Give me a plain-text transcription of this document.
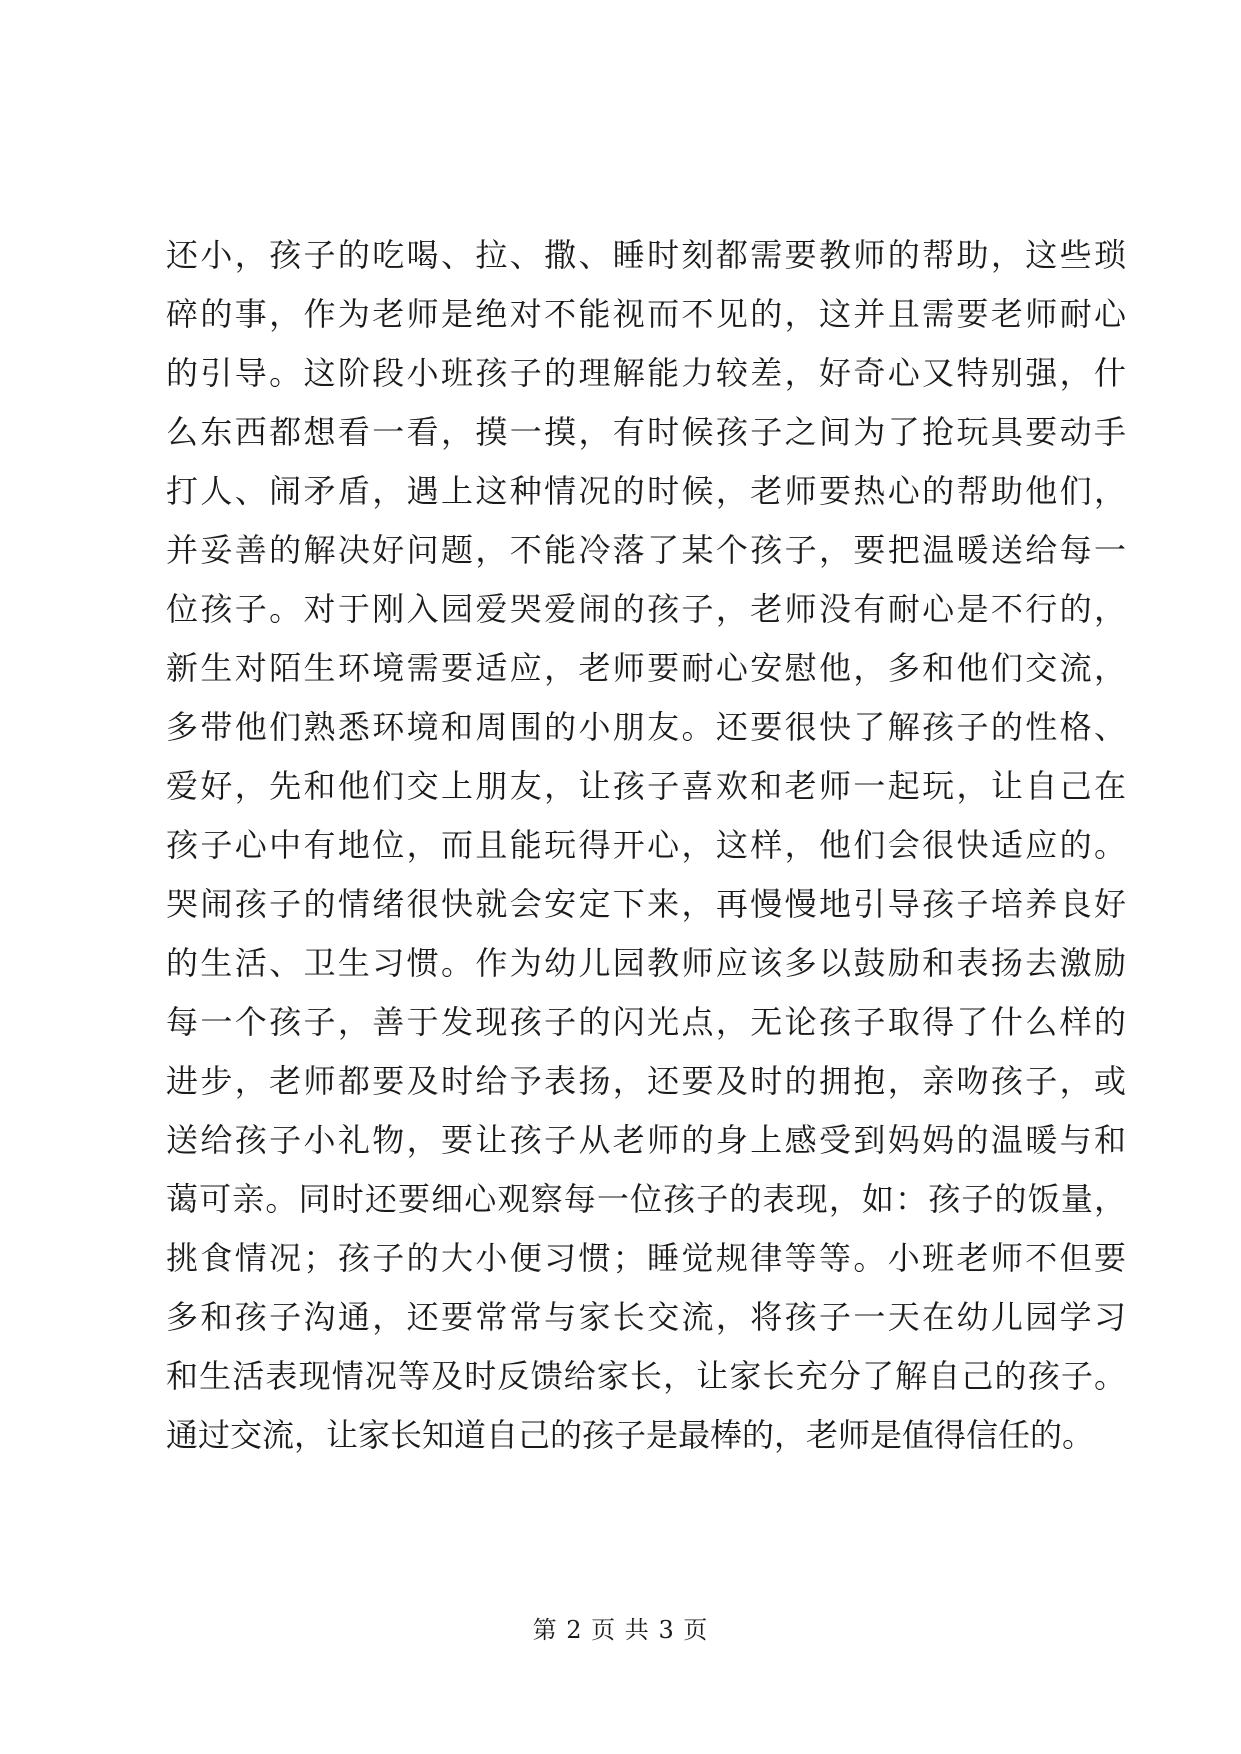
还小，孩子的吃喝、拉、撒、睡时刻都需要教师的帮助，这些琐
碎的事，作为老师是绝对不能视而不见的，这并且需要老师耐心
的引导。这阶段小班孩子的理解能力较差，好奇心又特别强，什
么东西都想看一看，摸一摸，有时候孩子之间为了抢玩具要动手
打人、闹矛盾，遇上这种情况的时候，老师要热心的帮助他们，
并妥善的解决好问题，不能冷落了某个孩子，要把温暖送给每一
位孩子。对于刚入园爱哭爱闹的孩子，老师没有耐心是不行的，
新生对陌生环境需要适应，老师要耐心安慰他，多和他们交流，
多带他们熟悉环境和周围的小朋友。还要很快了解孩子的性格、
爱好，先和他们交上朋友，让孩子喜欢和老师一起玩，让自己在
孩子心中有地位，而且能玩得开心，这样，他们会很快适应的。
哭闹孩子的情绪很快就会安定下来，再慢慢地引导孩子培养良好
的生活、卫生习惯。作为幼儿园教师应该多以鼓励和表扬去激励
每一个孩子，善于发现孩子的闪光点，无论孩子取得了什么样的
进步，老师都要及时给予表扬，还要及时的拥抱，亲吻孩子，或
送给孩子小礼物，要让孩子从老师的身上感受到妈妈的温暖与和
蔼可亲。同时还要细心观察每一位孩子的表现，如：孩子的饭量，
挑食情况；孩子的大小便习惯；睡觉规律等等。小班老师不但要
多和孩子沟通，还要常常与家长交流，将孩子一天在幼儿园学习
和生活表现情况等及时反馈给家长，让家长充分了解自己的孩子。
通过交流，让家长知道自己的孩子是最棒的，老师是值得信任的。
第 2 页 共 3 页
